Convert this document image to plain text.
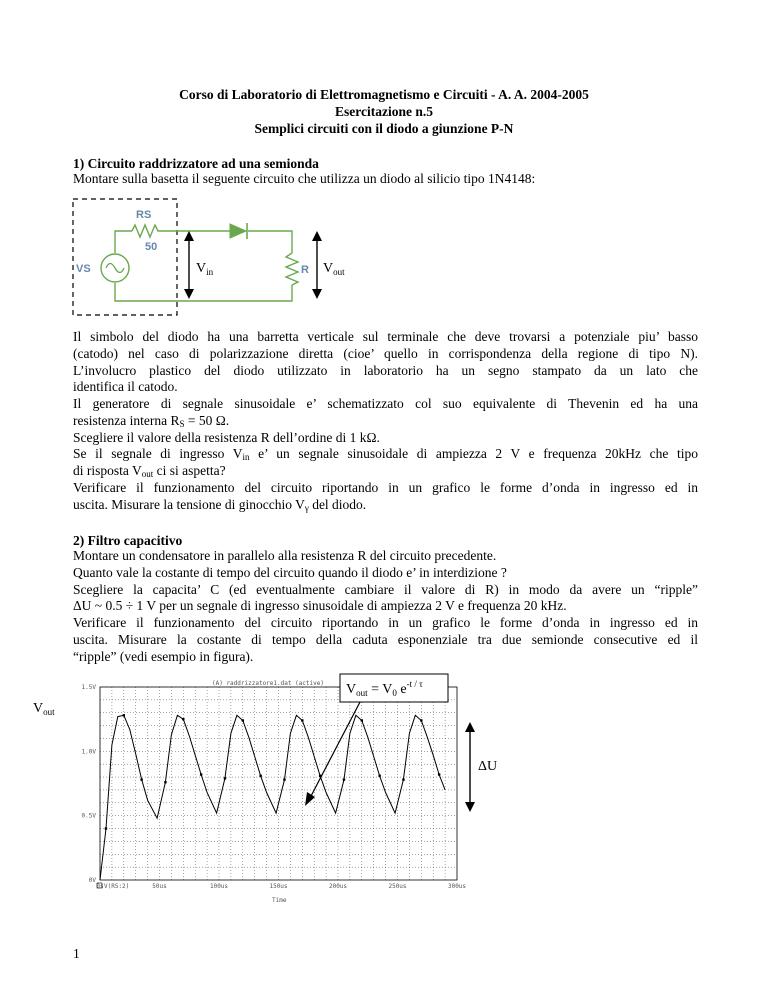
Corso di Laboratorio di Elettromagnetismo e Circuiti - A. A. 2004-2005
Esercitazione n.5
Semplici circuiti con il diodo a giunzione P-N
1) Circuito raddrizzatore ad una semionda
Montare sulla basetta il seguente circuito che utilizza un diodo al silicio tipo 1N4148:
RS
50
VS	R
$V_{in}$	$V_{out}$
Il simbolo del diodo ha una barretta verticale sul terminale che deve trovarsi a potenziale piu’ basso
(catodo) nel caso di polarizzazione diretta (cioe’ quello in corrispondenza della regione di tipo N).
L’involucro plastico del diodo utilizzato in laboratorio ha un segno stampato da un lato che
identifica il catodo.
Il generatore di segnale sinusoidale e’ schematizzato col suo equivalente di Thevenin ed ha una
resistenza interna $R_S = 50$ Ω.
Scegliere il valore della resistenza R dell’ordine di 1 kΩ.
Se il segnale di ingresso $V_{in}$ e’ un segnale sinusoidale di ampiezza 2 V e frequenza 20kHz che tipo
di risposta $V_{out}$ ci si aspetta?
Verificare il funzionamento del circuito riportando in un grafico le forme d’onda in ingresso ed in
uscita. Misurare la tensione di ginocchio $V_\gamma$ del diodo.
2) Filtro capacitivo
Montare un condensatore in parallelo alla resistenza R del circuito precedente.
Quanto vale la costante di tempo del circuito quando il diodo e’ in interdizione ?
Scegliere la capacita’ C (ed eventualmente cambiare il valore di R) in modo da avere un “ripple”
ΔU ~ 0.5 ÷ 1 V per un segnale di ingresso sinusoidale di ampiezza 2 V e frequenza 20 kHz.
Verificare il funzionamento del circuito riportando in un grafico le forme d’onda in ingresso ed in
uscita. Misurare la costante di tempo della caduta esponenziale tra due semionde consecutive ed il
“ripple” (vedi esempio in figura).
(A) raddrizzatore1.dat (active)
0V
0.5V
1.0V
1.5V
0s	50us	100us	150us	200us	250us	300us
V(R5:2)
Time
$V_{out}$
$V_{out} = V_0$ $e^{-t / \tau}$
ΔU
1
